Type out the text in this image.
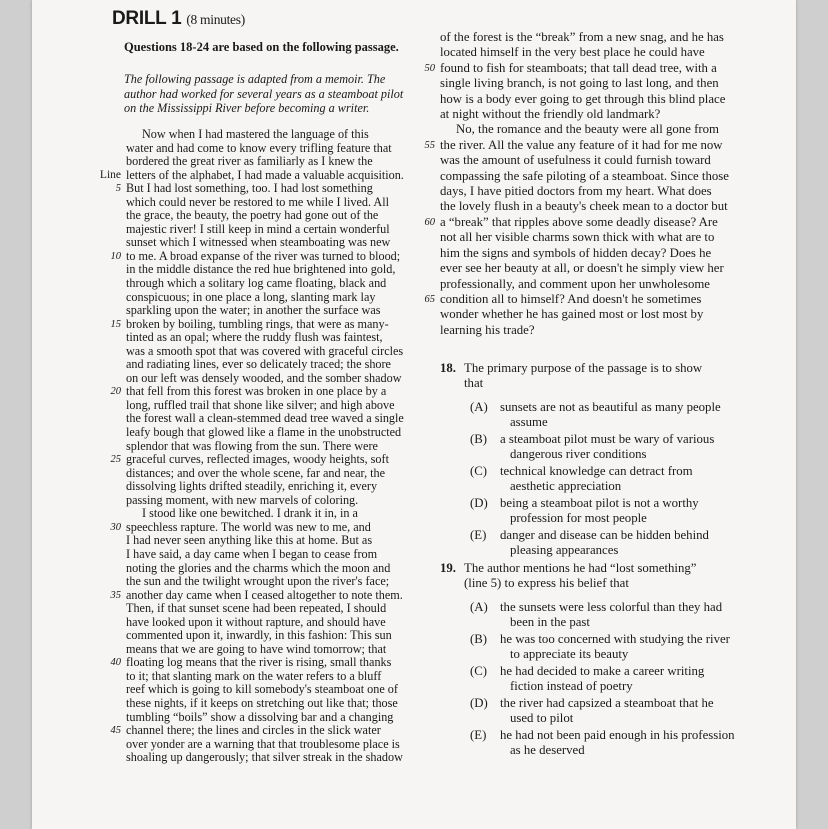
DRILL 1 (8 minutes)
Questions 18-24 are based on the following passage.
The following passage is adapted from a memoir. The
author had worked for several years as a steamboat pilot
on the Mississippi River before becoming a writer.
Now when I had mastered the language of this
water and had come to know every trifling feature that
bordered the great river as familiarly as I knew the
Line letters of the alphabet, I had made a valuable acquisition.
5 But I had lost something, too. I had lost something
which could never be restored to me while I lived. All
the grace, the beauty, the poetry had gone out of the
majestic river! I still keep in mind a certain wonderful
sunset which I witnessed when steamboating was new
10 to me. A broad expanse of the river was turned to blood;
in the middle distance the red hue brightened into gold,
through which a solitary log came floating, black and
conspicuous; in one place a long, slanting mark lay
sparkling upon the water; in another the surface was
15 broken by boiling, tumbling rings, that were as many-
tinted as an opal; where the ruddy flush was faintest,
was a smooth spot that was covered with graceful circles
and radiating lines, ever so delicately traced; the shore
on our left was densely wooded, and the somber shadow
20 that fell from this forest was broken in one place by a
long, ruffled trail that shone like silver; and high above
the forest wall a clean-stemmed dead tree waved a single
leafy bough that glowed like a flame in the unobstructed
splendor that was flowing from the sun. There were
25 graceful curves, reflected images, woody heights, soft
distances; and over the whole scene, far and near, the
dissolving lights drifted steadily, enriching it, every
passing moment, with new marvels of coloring.
I stood like one bewitched. I drank it in, in a
30 speechless rapture. The world was new to me, and
I had never seen anything like this at home. But as
I have said, a day came when I began to cease from
noting the glories and the charms which the moon and
the sun and the twilight wrought upon the river's face;
35 another day came when I ceased altogether to note them.
Then, if that sunset scene had been repeated, I should
have looked upon it without rapture, and should have
commented upon it, inwardly, in this fashion: This sun
means that we are going to have wind tomorrow; that
40 floating log means that the river is rising, small thanks
to it; that slanting mark on the water refers to a bluff
reef which is going to kill somebody's steamboat one of
these nights, if it keeps on stretching out like that; those
tumbling “boils” show a dissolving bar and a changing
45 channel there; the lines and circles in the slick water
over yonder are a warning that that troublesome place is
shoaling up dangerously; that silver streak in the shadow
of the forest is the “break” from a new snag, and he has
located himself in the very best place he could have
50 found to fish for steamboats; that tall dead tree, with a
single living branch, is not going to last long, and then
how is a body ever going to get through this blind place
at night without the friendly old landmark?
No, the romance and the beauty were all gone from
55 the river. All the value any feature of it had for me now
was the amount of usefulness it could furnish toward
compassing the safe piloting of a steamboat. Since those
days, I have pitied doctors from my heart. What does
the lovely flush in a beauty's cheek mean to a doctor but
60 a “break” that ripples above some deadly disease? Are
not all her visible charms sown thick with what are to
him the signs and symbols of hidden decay? Does he
ever see her beauty at all, or doesn't he simply view her
professionally, and comment upon her unwholesome
65 condition all to himself? And doesn't he sometimes
wonder whether he has gained most or lost most by
learning his trade?
18. The primary purpose of the passage is to show
that
(A) sunsets are not as beautiful as many people
assume
(B) a steamboat pilot must be wary of various
dangerous river conditions
(C) technical knowledge can detract from
aesthetic appreciation
(D) being a steamboat pilot is not a worthy
profession for most people
(E) danger and disease can be hidden behind
pleasing appearances
19. The author mentions he had “lost something”
(line 5) to express his belief that
(A) the sunsets were less colorful than they had
been in the past
(B) he was too concerned with studying the river
to appreciate its beauty
(C) he had decided to make a career writing
fiction instead of poetry
(D) the river had capsized a steamboat that he
used to pilot
(E) he had not been paid enough in his profession
as he deserved
